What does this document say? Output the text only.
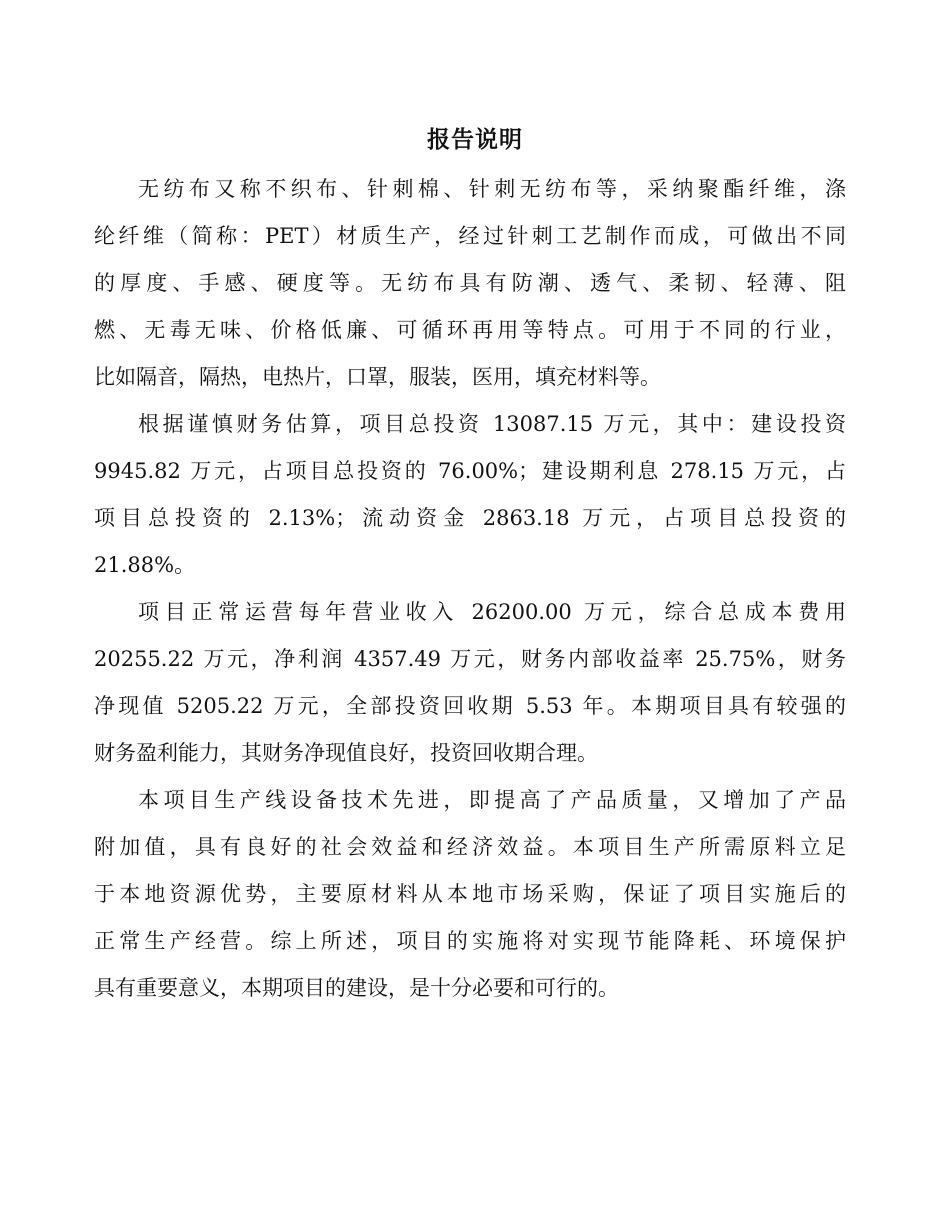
报告说明
无纺布又称不织布、针刺棉、针刺无纺布等，采纳聚酯纤维，涤
纶纤维（简称：PET）材质生产，经过针刺工艺制作而成，可做出不同
的厚度、手感、硬度等。无纺布具有防潮、透气、柔韧、轻薄、阻
燃、无毒无味、价格低廉、可循环再用等特点。可用于不同的行业，
比如隔音，隔热，电热片，口罩，服装，医用，填充材料等。
根据谨慎财务估算，项目总投资 13087.15 万元，其中：建设投资
9945.82 万元，占项目总投资的 76.00%；建设期利息 278.15 万元，占
项目总投资的 2.13%；流动资金 2863.18 万元，占项目总投资的
21.88%。
项目正常运营每年营业收入 26200.00 万元，综合总成本费用
20255.22 万元，净利润 4357.49 万元，财务内部收益率 25.75%，财务
净现值 5205.22 万元，全部投资回收期 5.53 年。本期项目具有较强的
财务盈利能力，其财务净现值良好，投资回收期合理。
本项目生产线设备技术先进，即提高了产品质量，又增加了产品
附加值，具有良好的社会效益和经济效益。本项目生产所需原料立足
于本地资源优势，主要原材料从本地市场采购，保证了项目实施后的
正常生产经营。综上所述，项目的实施将对实现节能降耗、环境保护
具有重要意义，本期项目的建设，是十分必要和可行的。
